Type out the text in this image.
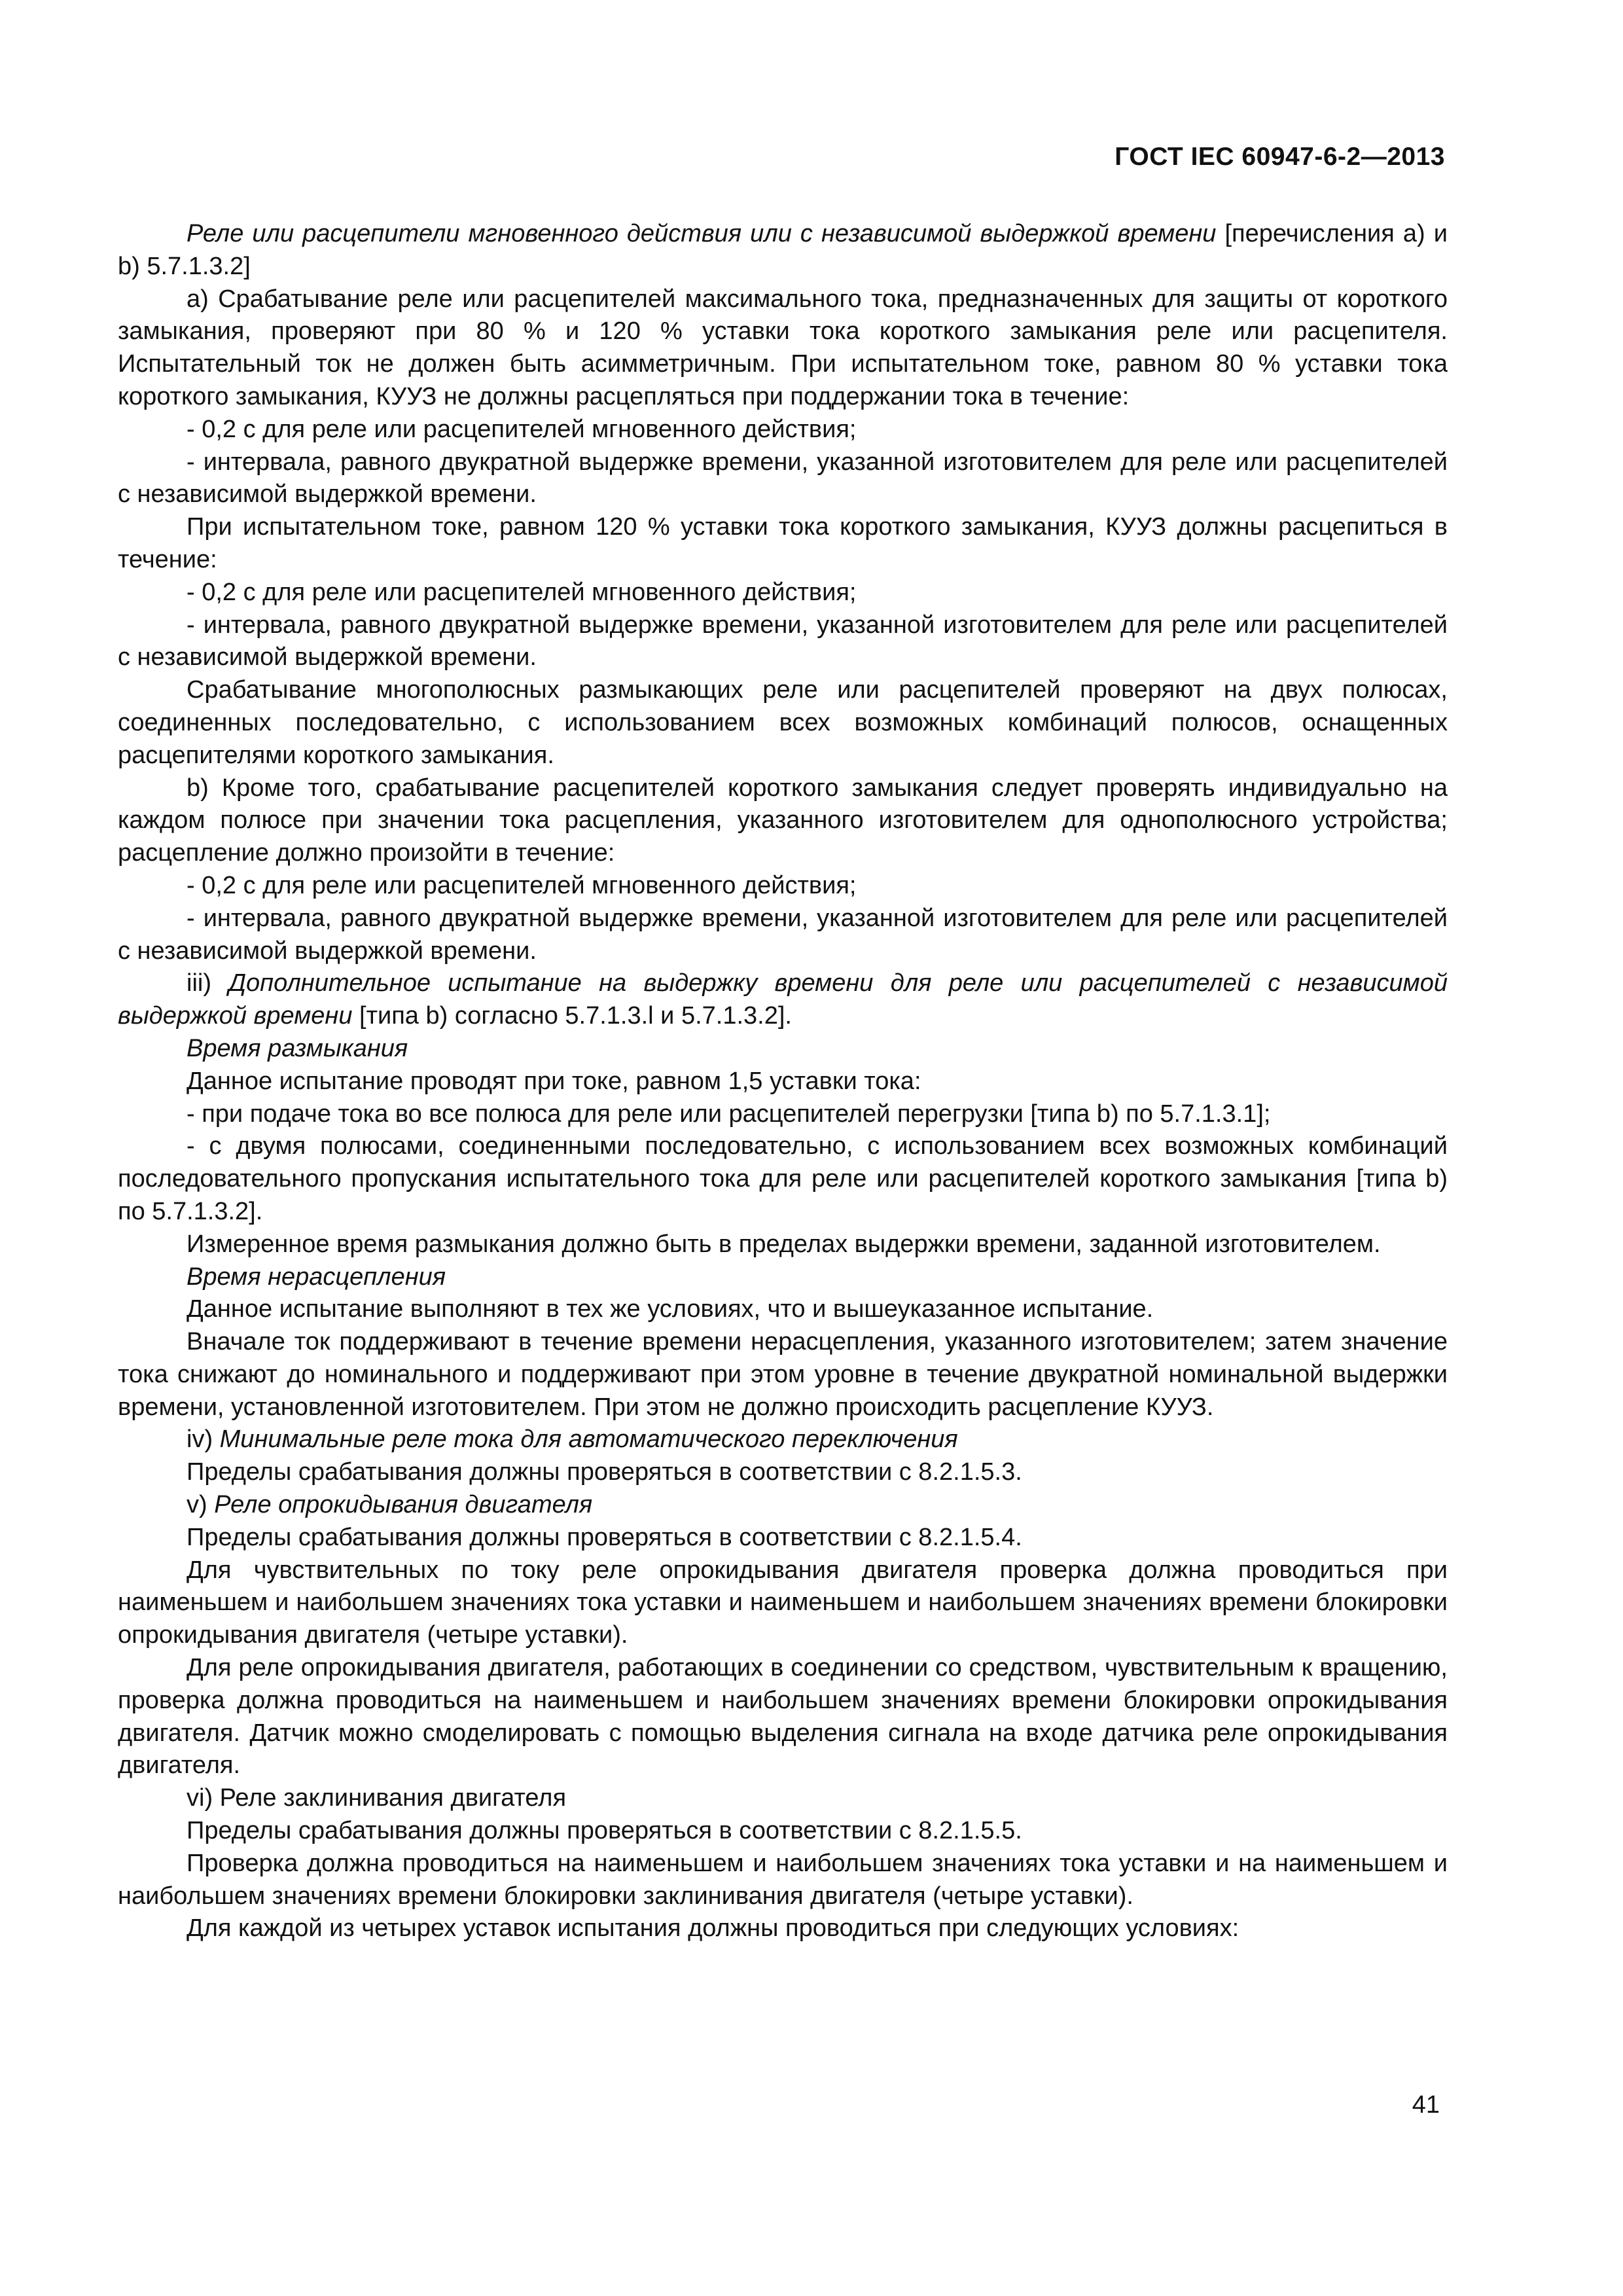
ГОСТ IEC 60947-6-2—2013

Реле или расцепители мгновенного действия или с независимой выдержкой времени [перечисления a) и b) 5.7.1.3.2]

a) Срабатывание реле или расцепителей максимального тока, предназначенных для защиты от короткого замыкания, проверяют при 80 % и 120 % уставки тока короткого замыкания реле или расцепителя. Испытательный ток не должен быть асимметричным. При испытательном токе, равном 80 % уставки тока короткого замыкания, КУУЗ не должны расцепляться при поддержании тока в течение:

- 0,2 с для реле или расцепителей мгновенного действия;

- интервала, равного двукратной выдержке времени, указанной изготовителем для реле или расцепителей с независимой выдержкой времени.

При испытательном токе, равном 120 % уставки тока короткого замыкания, КУУЗ должны расцепиться в течение:

- 0,2 с для реле или расцепителей мгновенного действия;

- интервала, равного двукратной выдержке времени, указанной изготовителем для реле или расцепителей с независимой выдержкой времени.

Срабатывание многополюсных размыкающих реле или расцепителей проверяют на двух полюсах, соединенных последовательно, с использованием всех возможных комбинаций полюсов, оснащенных расцепителями короткого замыкания.

b) Кроме того, срабатывание расцепителей короткого замыкания следует проверять индивидуально на каждом полюсе при значении тока расцепления, указанного изготовителем для однополюсного устройства; расцепление должно произойти в течение:

- 0,2 с для реле или расцепителей мгновенного действия;

- интервала, равного двукратной выдержке времени, указанной изготовителем для реле или расцепителей с независимой выдержкой времени.

iii) Дополнительное испытание на выдержку времени для реле или расцепителей с независимой выдержкой времени [типа b) согласно 5.7.1.3.l и 5.7.1.3.2].

Время размыкания

Данное испытание проводят при токе, равном 1,5 уставки тока:

- при подаче тока во все полюса для реле или расцепителей перегрузки [типа b) по 5.7.1.3.1];

- с двумя полюсами, соединенными последовательно, с использованием всех возможных комбинаций последовательного пропускания испытательного тока для реле или расцепителей короткого замыкания [типа b) по 5.7.1.3.2].

Измеренное время размыкания должно быть в пределах выдержки времени, заданной изготовителем.

Время нерасцепления

Данное испытание выполняют в тех же условиях, что и вышеуказанное испытание.

Вначале ток поддерживают в течение времени нерасцепления, указанного изготовителем; затем значение тока снижают до номинального и поддерживают при этом уровне в течение двукратной номинальной выдержки времени, установленной изготовителем. При этом не должно происходить расцепление КУУЗ.

iv) Минимальные реле тока для автоматического переключения

Пределы срабатывания должны проверяться в соответствии с 8.2.1.5.3.

v) Реле опрокидывания двигателя

Пределы срабатывания должны проверяться в соответствии с 8.2.1.5.4.

Для чувствительных по току реле опрокидывания двигателя проверка должна проводиться при наименьшем и наибольшем значениях тока уставки и наименьшем и наибольшем значениях времени блокировки опрокидывания двигателя (четыре уставки).

Для реле опрокидывания двигателя, работающих в соединении со средством, чувствительным к вращению, проверка должна проводиться на наименьшем и наибольшем значениях времени блокировки опрокидывания двигателя. Датчик можно смоделировать с помощью выделения сигнала на входе датчика реле опрокидывания двигателя.

vi) Реле заклинивания двигателя

Пределы срабатывания должны проверяться в соответствии с 8.2.1.5.5.

Проверка должна проводиться на наименьшем и наибольшем значениях тока уставки и на наименьшем и наибольшем значениях времени блокировки заклинивания двигателя (четыре уставки).

Для каждой из четырех уставок испытания должны проводиться при следующих условиях:

41
